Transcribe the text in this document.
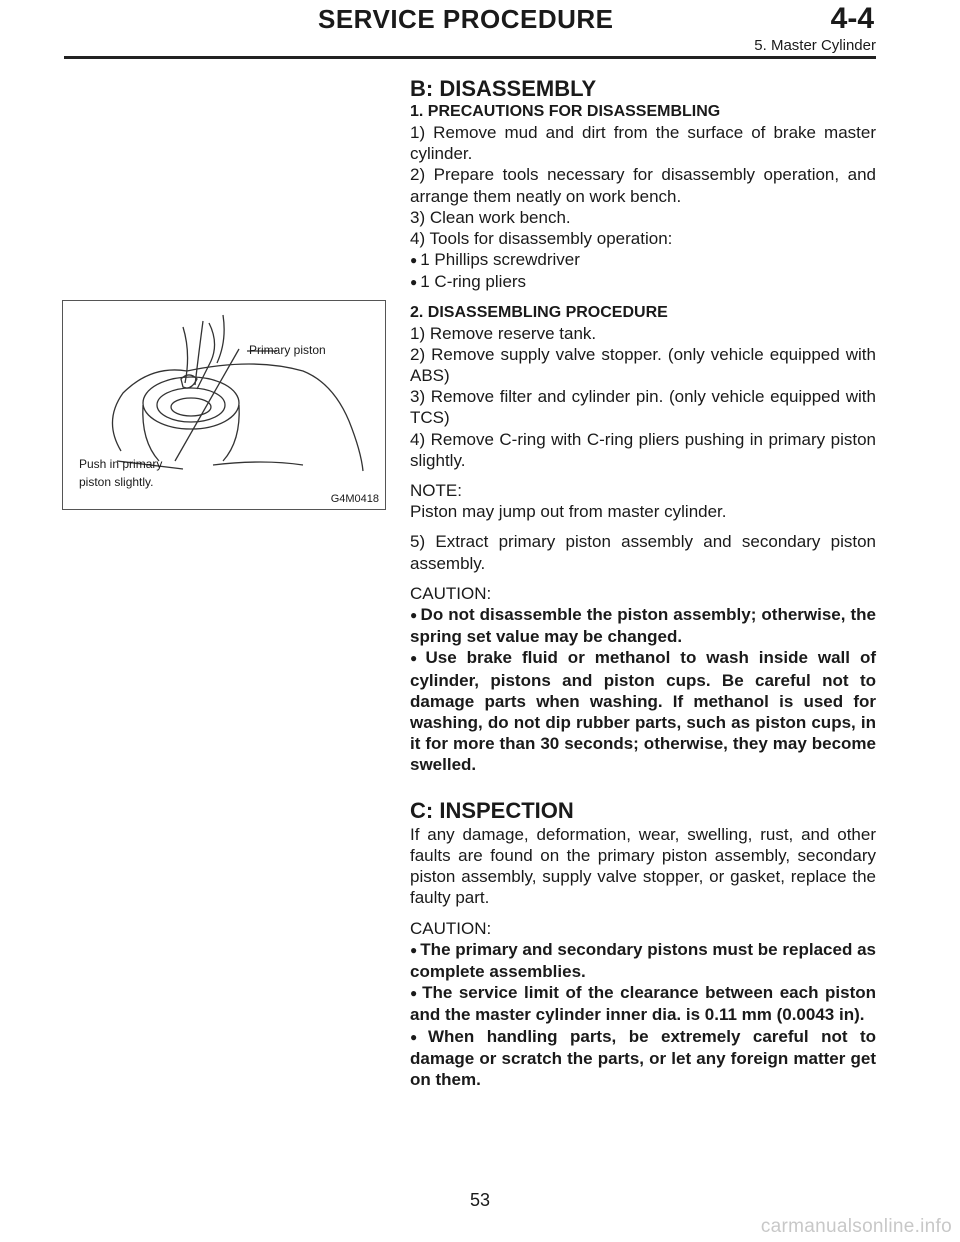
SERVICE PROCEDURE	4-4
5. Master Cylinder
Primary piston
Push in primary
piston slightly.
G4M0418

B: DISASSEMBLY

1. PRECAUTIONS FOR DISASSEMBLING

1) Remove mud and dirt from the surface of brake master cylinder.

2) Prepare tools necessary for disassembly operation, and arrange them neatly on work bench.

3) Clean work bench.

4) Tools for disassembly operation:

● 1 Phillips screwdriver

● 1 C-ring pliers

2. DISASSEMBLING PROCEDURE

1) Remove reserve tank.

2) Remove supply valve stopper. (only vehicle equipped with ABS)

3) Remove filter and cylinder pin. (only vehicle equipped with TCS)

4) Remove C-ring with C-ring pliers pushing in primary piston slightly.

NOTE:

Piston may jump out from master cylinder.

5) Extract primary piston assembly and secondary piston assembly.

CAUTION:

● Do not disassemble the piston assembly; otherwise, the spring set value may be changed.

● Use brake fluid or methanol to wash inside wall of cylinder, pistons and piston cups. Be careful not to damage parts when washing. If methanol is used for washing, do not dip rubber parts, such as piston cups, in it for more than 30 seconds; otherwise, they may become swelled.

C: INSPECTION

If any damage, deformation, wear, swelling, rust, and other faults are found on the primary piston assembly, secondary piston assembly, supply valve stopper, or gasket, replace the faulty part.

CAUTION:

● The primary and secondary pistons must be replaced as complete assemblies.

● The service limit of the clearance between each piston and the master cylinder inner dia. is 0.11 mm (0.0043 in).

● When handling parts, be extremely careful not to damage or scratch the parts, or let any foreign matter get on them.

53
carmanualsonline.info
